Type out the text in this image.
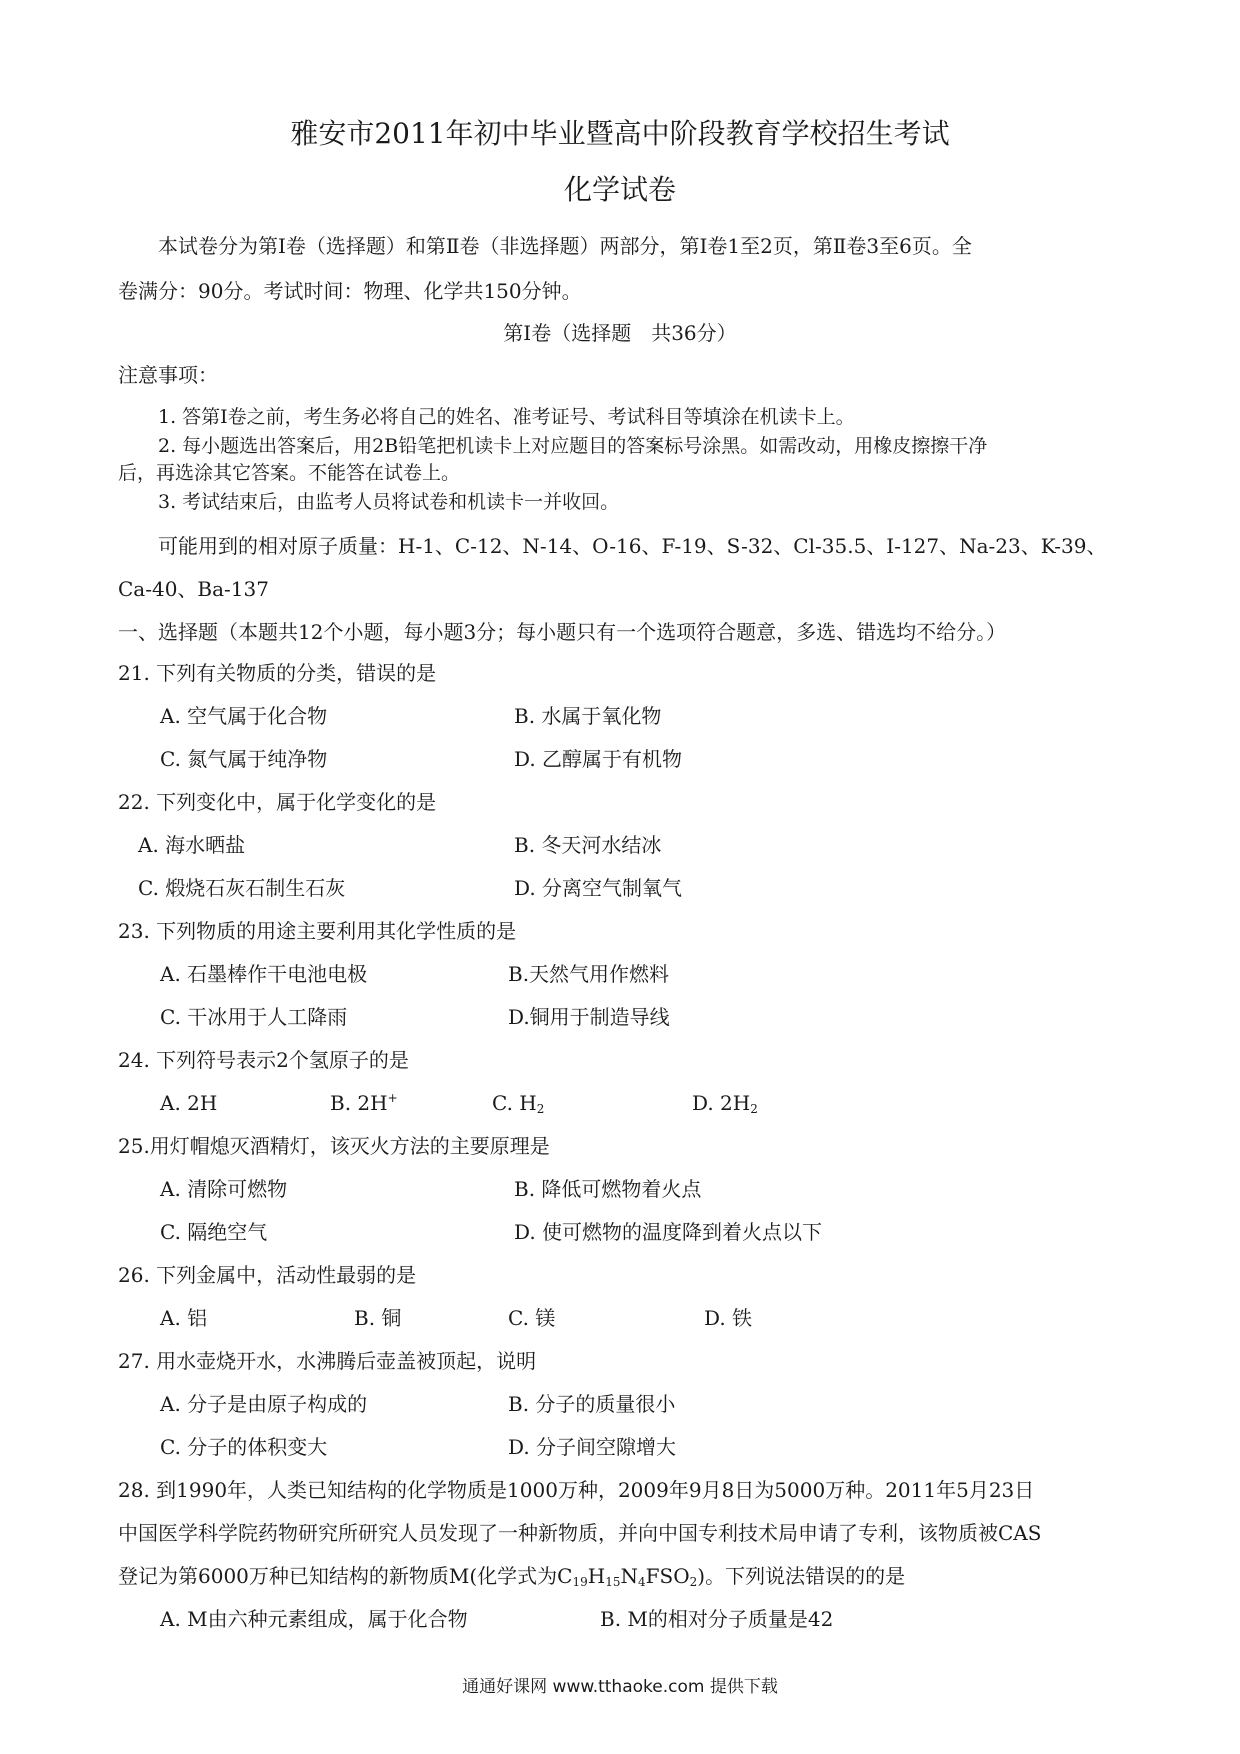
雅安市2011年初中毕业暨高中阶段教育学校招生考试
化学试卷
本试卷分为第Ⅰ卷（选择题）和第Ⅱ卷（非选择题）两部分，第Ⅰ卷1至2页，第Ⅱ卷3至6页。全
卷满分：90分。考试时间：物理、化学共150分钟。
第Ⅰ卷（选择题　共36分）
注意事项：
1. 答第Ⅰ卷之前，考生务必将自己的姓名、准考证号、考试科目等填涂在机读卡上。
2. 每小题选出答案后，用2B铅笔把机读卡上对应题目的答案标号涂黑。如需改动，用橡皮擦擦干净
后，再选涂其它答案。不能答在试卷上。
3. 考试结束后，由监考人员将试卷和机读卡一并收回。
可能用到的相对原子质量：H-1、C-12、N-14、O-16、F-19、S-32、Cl-35.5、I-127、Na-23、K-39、
Ca-40、Ba-137
一、选择题（本题共12个小题，每小题3分；每小题只有一个选项符合题意，多选、错选均不给分。）
21. 下列有关物质的分类，错误的是
A. 空气属于化合物	B. 水属于氧化物
C. 氮气属于纯净物	D. 乙醇属于有机物
22. 下列变化中，属于化学变化的是
A. 海水晒盐	B. 冬天河水结冰
C. 煅烧石灰石制生石灰	D. 分离空气制氧气
23. 下列物质的用途主要利用其化学性质的是
A. 石墨棒作干电池电极	B.天然气用作燃料
C. 干冰用于人工降雨	D.铜用于制造导线
24. 下列符号表示2个氢原子的是
A. 2H	B. 2H+	C. $H_2$	D. $2H_2$
25.用灯帽熄灭酒精灯，该灭火方法的主要原理是
A. 清除可燃物	B. 降低可燃物着火点
C. 隔绝空气	D. 使可燃物的温度降到着火点以下
26. 下列金属中，活动性最弱的是
A. 铝	B. 铜	C. 镁	D. 铁
27. 用水壶烧开水，水沸腾后壶盖被顶起，说明
A. 分子是由原子构成的	B. 分子的质量很小
C. 分子的体积变大	D. 分子间空隙增大
28. 到1990年，人类已知结构的化学物质是1000万种，2009年9月8日为5000万种。2011年5月23日
中国医学科学院药物研究所研究人员发现了一种新物质，并向中国专利技术局申请了专利，该物质被CAS
登记为第6000万种已知结构的新物质M(化学式为$C_{19}H_{15}N_4FSO_2$)。下列说法错误的的是
A. M由六种元素组成，属于化合物	B. M的相对分子质量是42
通通好课网 www.tthaoke.com 提供下载
